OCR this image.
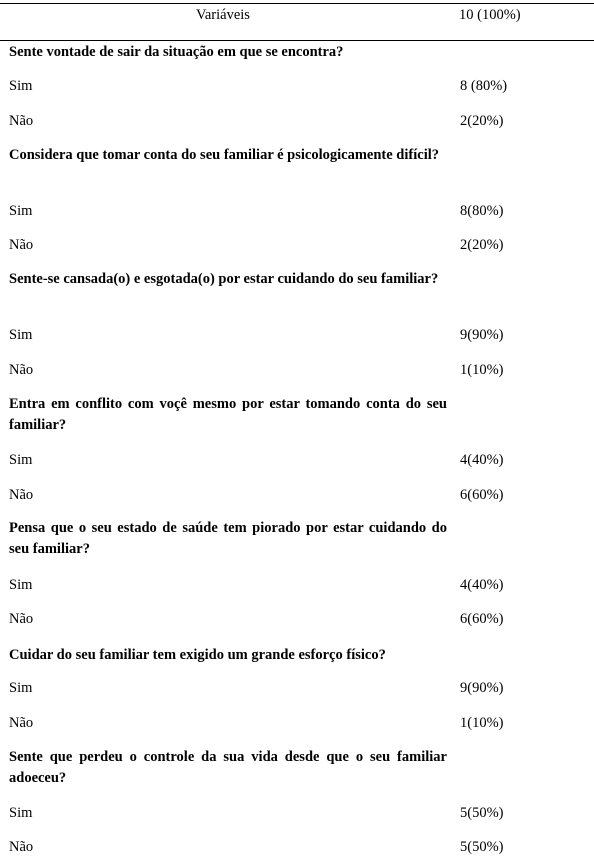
Variáveis	10 (100%)
Sente vontade de sair da situação em que se encontra?
Sim	8 (80%)
Não	2(20%)
Considera que tomar conta do seu familiar é psicologicamente difícil?
Sim	8(80%)
Não	2(20%)
Sente-se cansada(o) e esgotada(o) por estar cuidando do seu familiar?
Sim	9(90%)
Não	1(10%)
Entra em conflito com voçê mesmo por estar tomando conta do seu familiar?
Sim	4(40%)
Não	6(60%)
Pensa que o seu estado de saúde tem piorado por estar cuidando do seu familiar?
Sim	4(40%)
Não	6(60%)
Cuidar do seu familiar tem exigido um grande esforço físico?
Sim	9(90%)
Não	1(10%)
Sente que perdeu o controle da sua vida desde que o seu familiar adoeceu?
Sim	5(50%)
Não	5(50%)
